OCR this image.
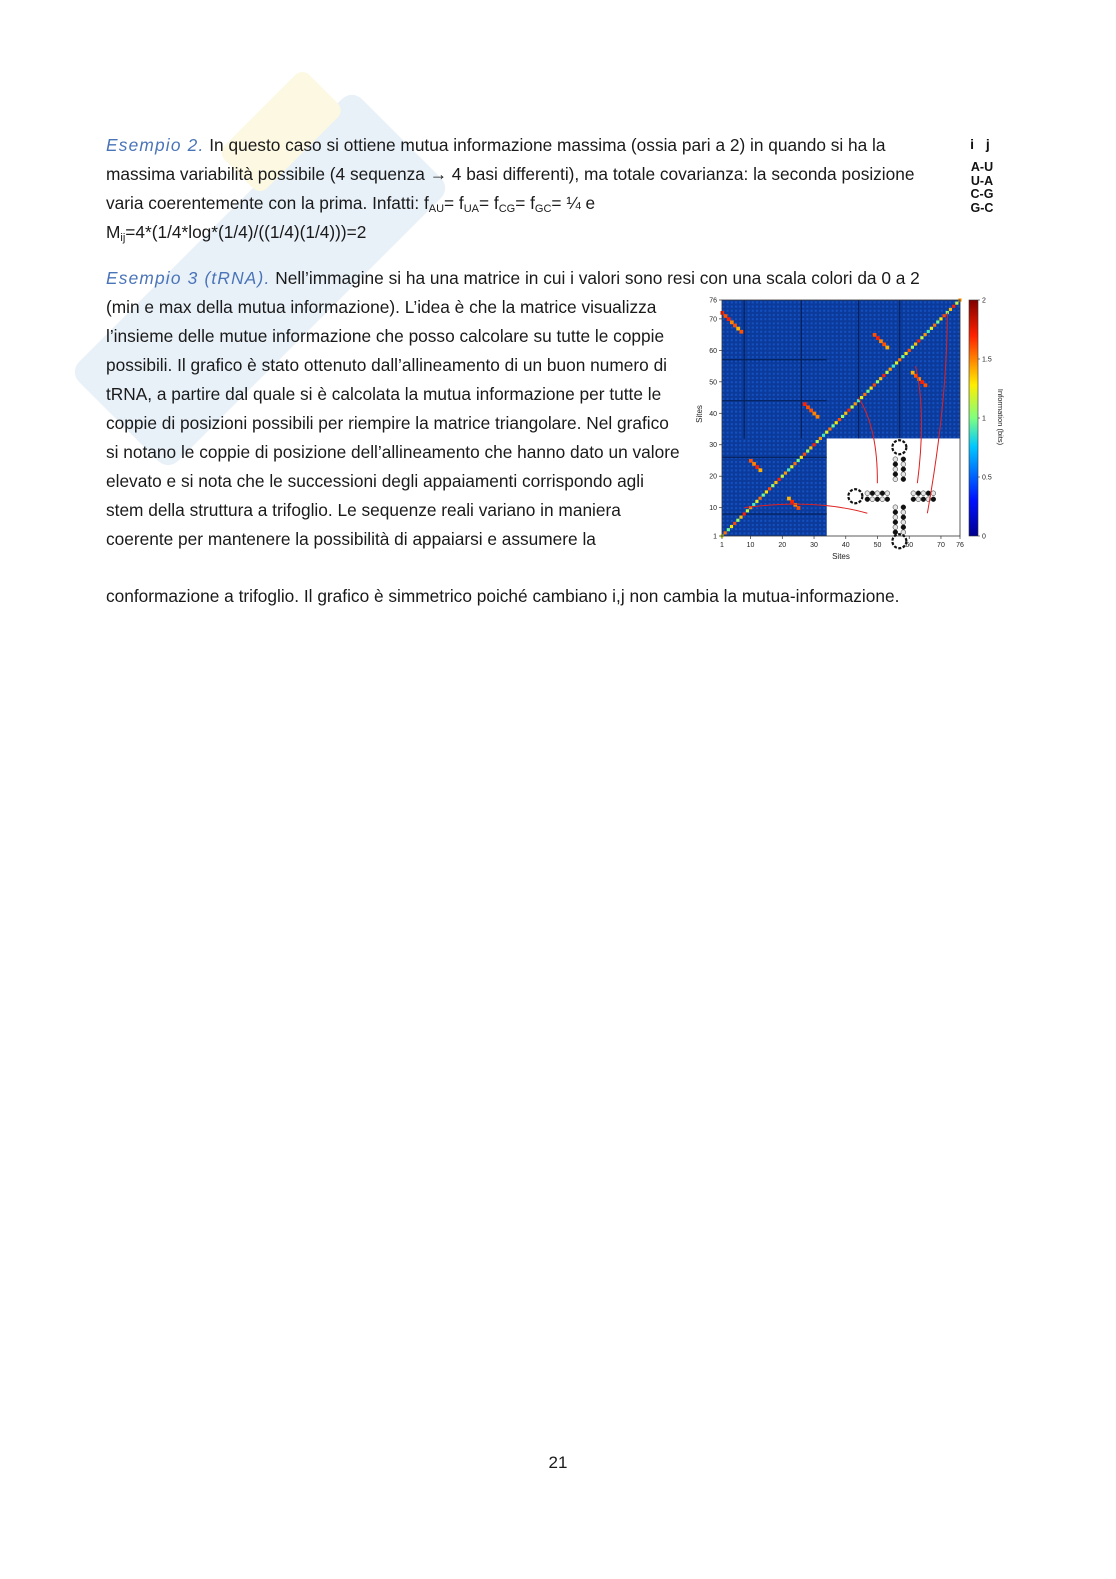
Esempio 2. In questo caso si ottiene mutua informazione massima (ossia pari a 2) in quando si ha la massima variabilità possibile (4 sequenza → 4 basi differenti), ma totale covarianza: la seconda posizione varia coerentemente con la prima. Infatti: $f_{AU}= f_{UA}= f_{CG}= f_{GC}=$ ¼ e
$M_{ij}=4*(1/4*\log*(1/4)/((1/4)(1/4)))=2$

i j
A-U
U-A
C-G
G-C

Esempio 3 (tRNA). Nell’immagine si ha una matrice in cui i valori sono resi con una scala colori da 0 a 2

(min e max della mutua informazione). L’idea è che la matrice visualizza l’insieme delle mutue informazione che posso calcolare su tutte le coppie possibili. Il grafico è stato ottenuto dall’allineamento di un buon numero di tRNA, a partire dal quale si è calcolata la mutua informazione per tutte le coppie di posizioni possibili per riempire la matrice triangolare. Nel grafico si notano le coppie di posizione dell’allineamento che hanno dato un valore elevato e si nota che le successioni degli appaiamenti corrispondo agli stem della struttura a trifoglio. Le sequenze reali variano in maniera coerente per mantenere la possibilità di appaiarsi e assumere la

conformazione a trifoglio. Il grafico è simmetrico poiché cambiano i,j non cambia la mutua-informazione.

Sites
Sites
Information (bits)
1	10	20	30	40	50	60	70 76
1
10
20
30
40
50
60
70
76
0
0.5
1
1.5
2
21
